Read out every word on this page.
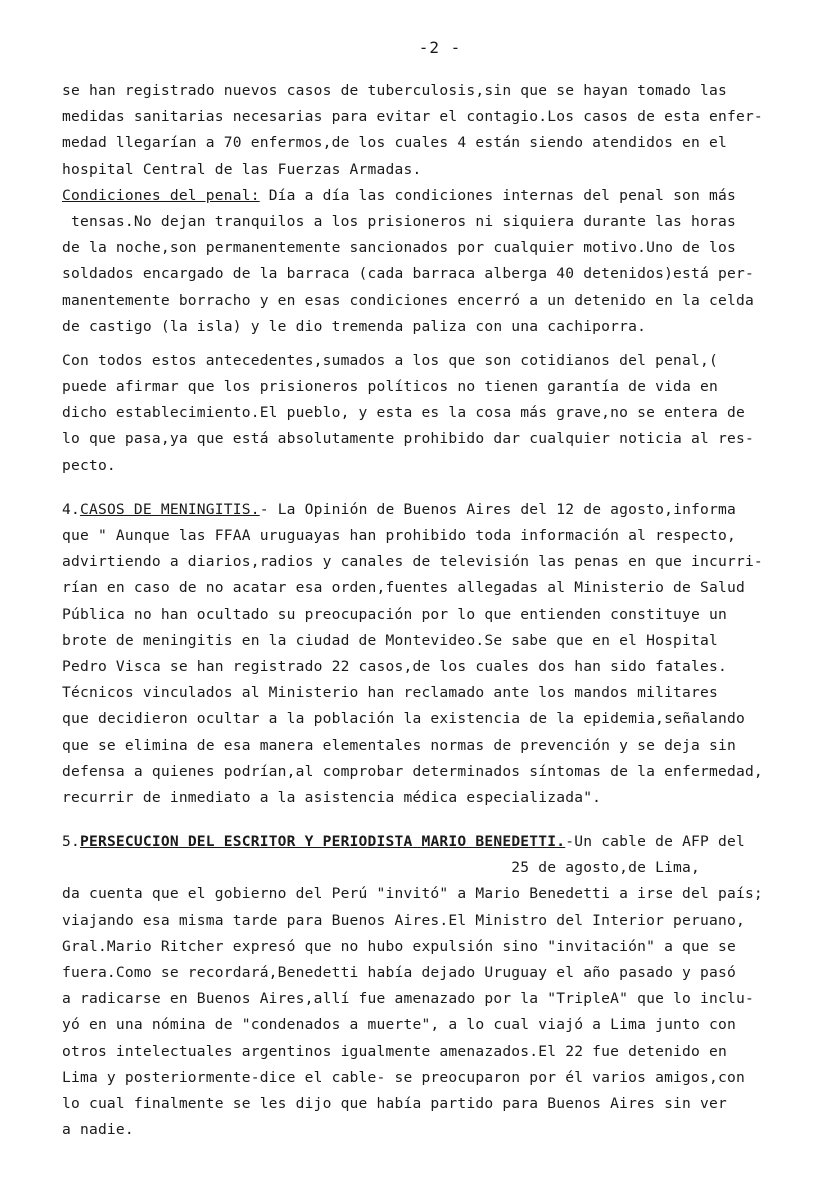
-2 -
se han registrado nuevos casos de tuberculosis,sin que se hayan tomado las
medidas sanitarias necesarias para evitar el contagio.Los casos de esta enfer-
medad llegarían a 70 enfermos,de los cuales 4 están siendo atendidos en el
hospital Central de las Fuerzas Armadas.
Condiciones del penal: Día a día las condiciones internas del penal son más
tensas.No dejan tranquilos a los prisioneros ni siquiera durante las horas
de la noche,son permanentemente sancionados por cualquier motivo.Uno de los
soldados encargado de la barraca (cada barraca alberga 40 detenidos)está per-
manentemente borracho y en esas condiciones encerró a un detenido en la celda
de castigo (la isla) y le dio tremenda paliza con una cachiporra.
Con todos estos antecedentes,sumados a los que son cotidianos del penal,(
puede afirmar que los prisioneros políticos no tienen garantía de vida en
dicho establecimiento.El pueblo, y esta es la cosa más grave,no se entera de
lo que pasa,ya que está absolutamente prohibido dar cualquier noticia al res-
pecto.
4.CASOS DE MENINGITIS.- La Opinión de Buenos Aires del 12 de agosto,informa
que " Aunque las FFAA uruguayas han prohibido toda información al respecto,
advirtiendo a diarios,radios y canales de televisión las penas en que incurri-
rían en caso de no acatar esa orden,fuentes allegadas al Ministerio de Salud
Pública no han ocultado su preocupación por lo que entienden constituye un
brote de meningitis en la ciudad de Montevideo.Se sabe que en el Hospital
Pedro Visca se han registrado 22 casos,de los cuales dos han sido fatales.
Técnicos vinculados al Ministerio han reclamado ante los mandos militares
que decidieron ocultar a la población la existencia de la epidemia,señalando
que se elimina de esa manera elementales normas de prevención y se deja sin
defensa a quienes podrían,al comprobar determinados síntomas de la enfermedad,
recurrir de inmediato a la asistencia médica especializada".
5.PERSECUCION DEL ESCRITOR Y PERIODISTA MARIO BENEDETTI.-Un cable de AFP del
25 de agosto,de Lima,
da cuenta que el gobierno del Perú "invitó" a Mario Benedetti a irse del país;
viajando esa misma tarde para Buenos Aires.El Ministro del Interior peruano,
Gral.Mario Ritcher expresó que no hubo expulsión sino "invitación" a que se
fuera.Como se recordará,Benedetti había dejado Uruguay el año pasado y pasó
a radicarse en Buenos Aires,allí fue amenazado por la "TripleA" que lo inclu-
yó en una nómina de "condenados a muerte", a lo cual viajó a Lima junto con
otros intelectuales argentinos igualmente amenazados.El 22 fue detenido en
Lima y posteriormente-dice el cable- se preocuparon por él varios amigos,con
lo cual finalmente se les dijo que había partido para Buenos Aires sin ver
a nadie.
